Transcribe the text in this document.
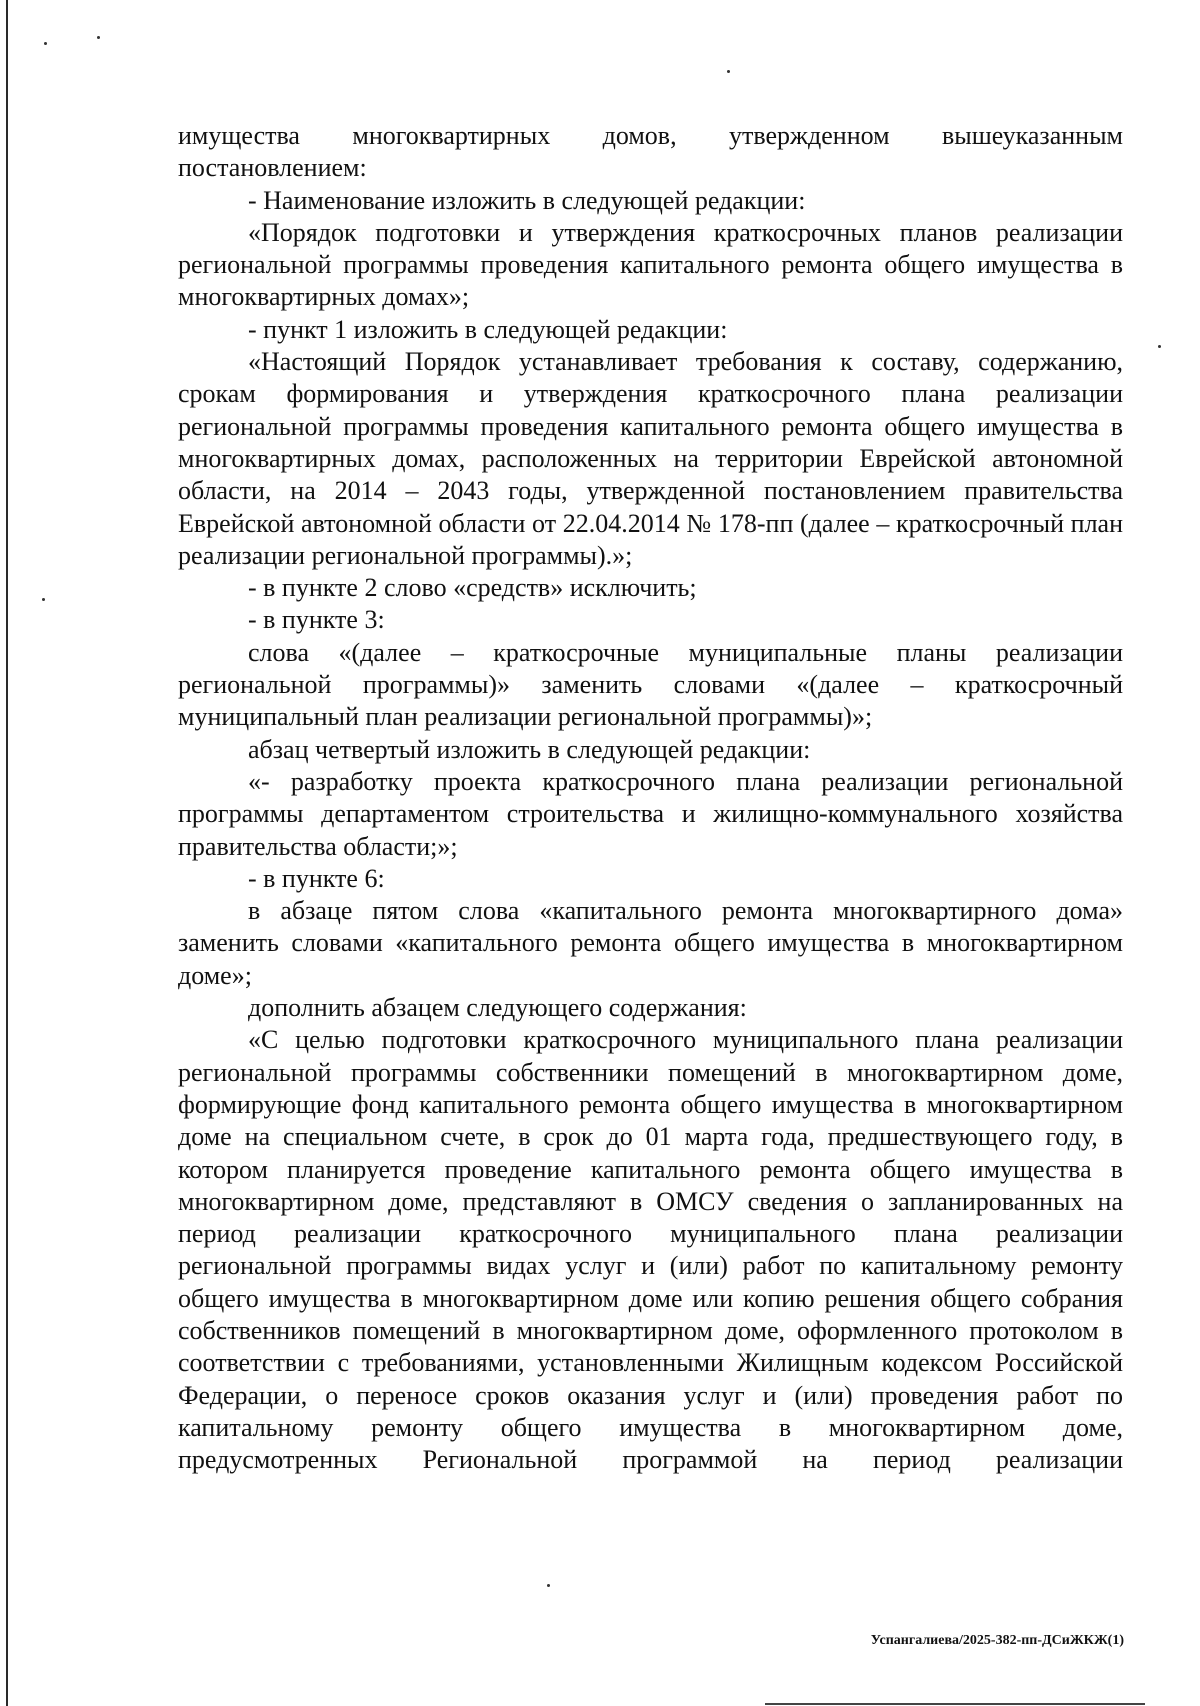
имущества многоквартирных домов, утвержденном вышеуказанным постановлением:

- Наименование изложить в следующей редакции:

«Порядок подготовки и утверждения краткосрочных планов реализации региональной программы проведения капитального ремонта общего имущества в многоквартирных домах»;

- пункт 1 изложить в следующей редакции:

«Настоящий Порядок устанавливает требования к составу, содержанию, срокам формирования и утверждения краткосрочного плана реализации региональной программы проведения капитального ремонта общего имущества в многоквартирных домах, расположенных на территории Еврейской автономной области, на 2014 – 2043 годы, утвержденной постановлением правительства Еврейской автономной области от 22.04.2014 № 178-пп (далее – краткосрочный план реализации региональной программы).»;

- в пункте 2 слово «средств» исключить;

- в пункте 3:

слова «(далее – краткосрочные муниципальные планы реализации региональной программы)» заменить словами «(далее – краткосрочный муниципальный план реализации региональной программы)»;

абзац четвертый изложить в следующей редакции:

«- разработку проекта краткосрочного плана реализации региональной программы департаментом строительства и жилищно-коммунального хозяйства правительства области;»;

- в пункте 6:

в абзаце пятом слова «капитального ремонта многоквартирного дома» заменить словами «капитального ремонта общего имущества в многоквартирном доме»;

дополнить абзацем следующего содержания:

«С целью подготовки краткосрочного муниципального плана реализации региональной программы собственники помещений в многоквартирном доме, формирующие фонд капитального ремонта общего имущества в многоквартирном доме на специальном счете, в срок до 01 марта года, предшествующего году, в котором планируется проведение капитального ремонта общего имущества в многоквартирном доме, представляют в ОМСУ сведения о запланированных на период реализации краткосрочного муниципального плана реализации региональной программы видах услуг и (или) работ по капитальному ремонту общего имущества в многоквартирном доме или копию решения общего собрания собственников помещений в многоквартирном доме, оформленного протоколом в соответствии с требованиями, установленными Жилищным кодексом Российской Федерации, о переносе сроков оказания услуг и (или) проведения работ по капитальному ремонту общего имущества в многоквартирном доме, предусмотренных Региональной программой на период реализации

Успангалиева/2025-382-пп-ДСиЖКЖ(1)
